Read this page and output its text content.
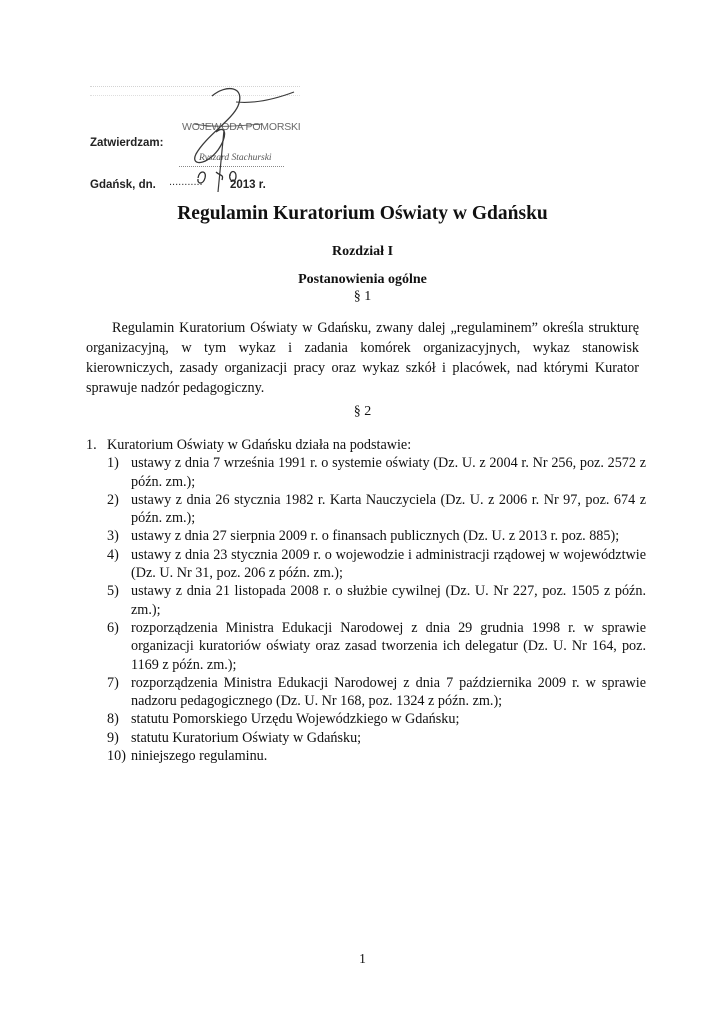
Zatwierdzam:
WOJEWODA POMORSKI
Ryszard Stachurski
Gdańsk, dn. ........... 2013 r.
Regulamin Kuratorium Oświaty w Gdańsku
Rozdział I
Postanowienia ogólne
§ 1

Regulamin Kuratorium Oświaty w Gdańsku, zwany dalej „regulaminem” określa strukturę organizacyjną, w tym wykaz i zadania komórek organizacyjnych, wykaz stanowisk kierowniczych, zasady organizacji pracy oraz wykaz szkół i placówek, nad którymi Kurator sprawuje nadzór pedagogiczny.

§ 2
1. Kuratorium Oświaty w Gdańsku działa na podstawie:
1) ustawy z dnia 7 września 1991 r. o systemie oświaty (Dz. U. z 2004 r. Nr 256, poz. 2572 z późn. zm.);
2) ustawy z dnia 26 stycznia 1982 r. Karta Nauczyciela (Dz. U. z 2006 r. Nr 97, poz. 674 z późn. zm.);
3) ustawy z dnia 27 sierpnia 2009 r. o finansach publicznych (Dz. U. z 2013 r. poz. 885);
4) ustawy z dnia 23 stycznia 2009 r. o wojewodzie i administracji rządowej w województwie (Dz. U. Nr 31, poz. 206 z późn. zm.);
5) ustawy z dnia 21 listopada 2008 r. o służbie cywilnej (Dz. U. Nr 227, poz. 1505 z późn. zm.);
6) rozporządzenia Ministra Edukacji Narodowej z dnia 29 grudnia 1998 r. w sprawie organizacji kuratoriów oświaty oraz zasad tworzenia ich delegatur (Dz. U. Nr 164, poz. 1169 z późn. zm.);
7) rozporządzenia Ministra Edukacji Narodowej z dnia 7 października 2009 r. w sprawie nadzoru pedagogicznego (Dz. U. Nr 168, poz. 1324 z późn. zm.);
8) statutu Pomorskiego Urzędu Wojewódzkiego w Gdańsku;
9) statutu Kuratorium Oświaty w Gdańsku;
10) niniejszego regulaminu.
1
